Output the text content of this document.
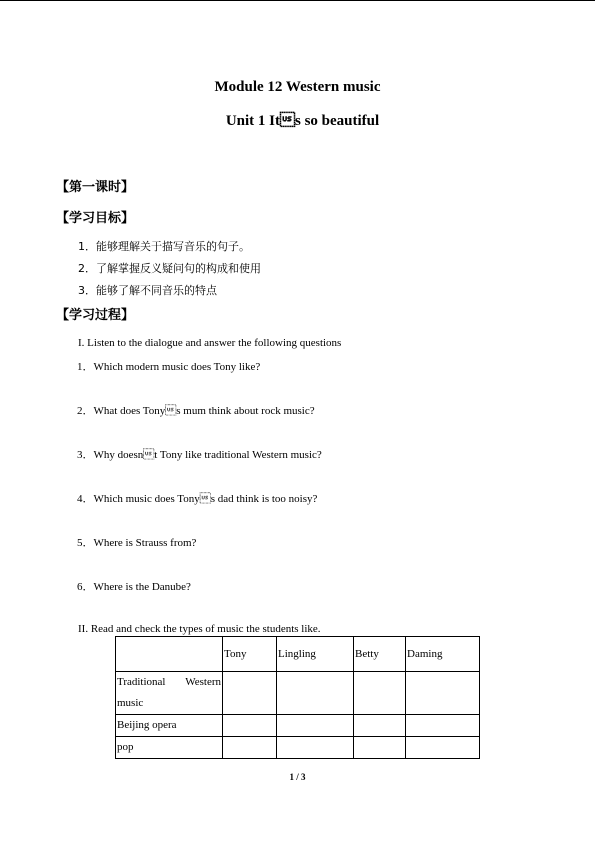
Module 12 Western music
Unit 1 Its so beautiful
【第一课时】
【学习目标】
1．能够理解关于描写音乐的句子。
2．了解掌握反义疑问句的构成和使用
3．能够了解不同音乐的特点
【学习过程】
I. Listen to the dialogue and answer the following questions
1．Which modern music does Tony like?
2．What does Tonys mum think about rock music?
3．Why doesnt Tony like traditional Western music?
4．Which music does Tonys dad think is too noisy?
5．Where is Strauss from?
6．Where is the Danube?
II. Read and check the types of music the students like.
	Tony	Lingling	Betty	Daming

Traditional Western
music				

Beijing opera				
pop				
1 / 3
